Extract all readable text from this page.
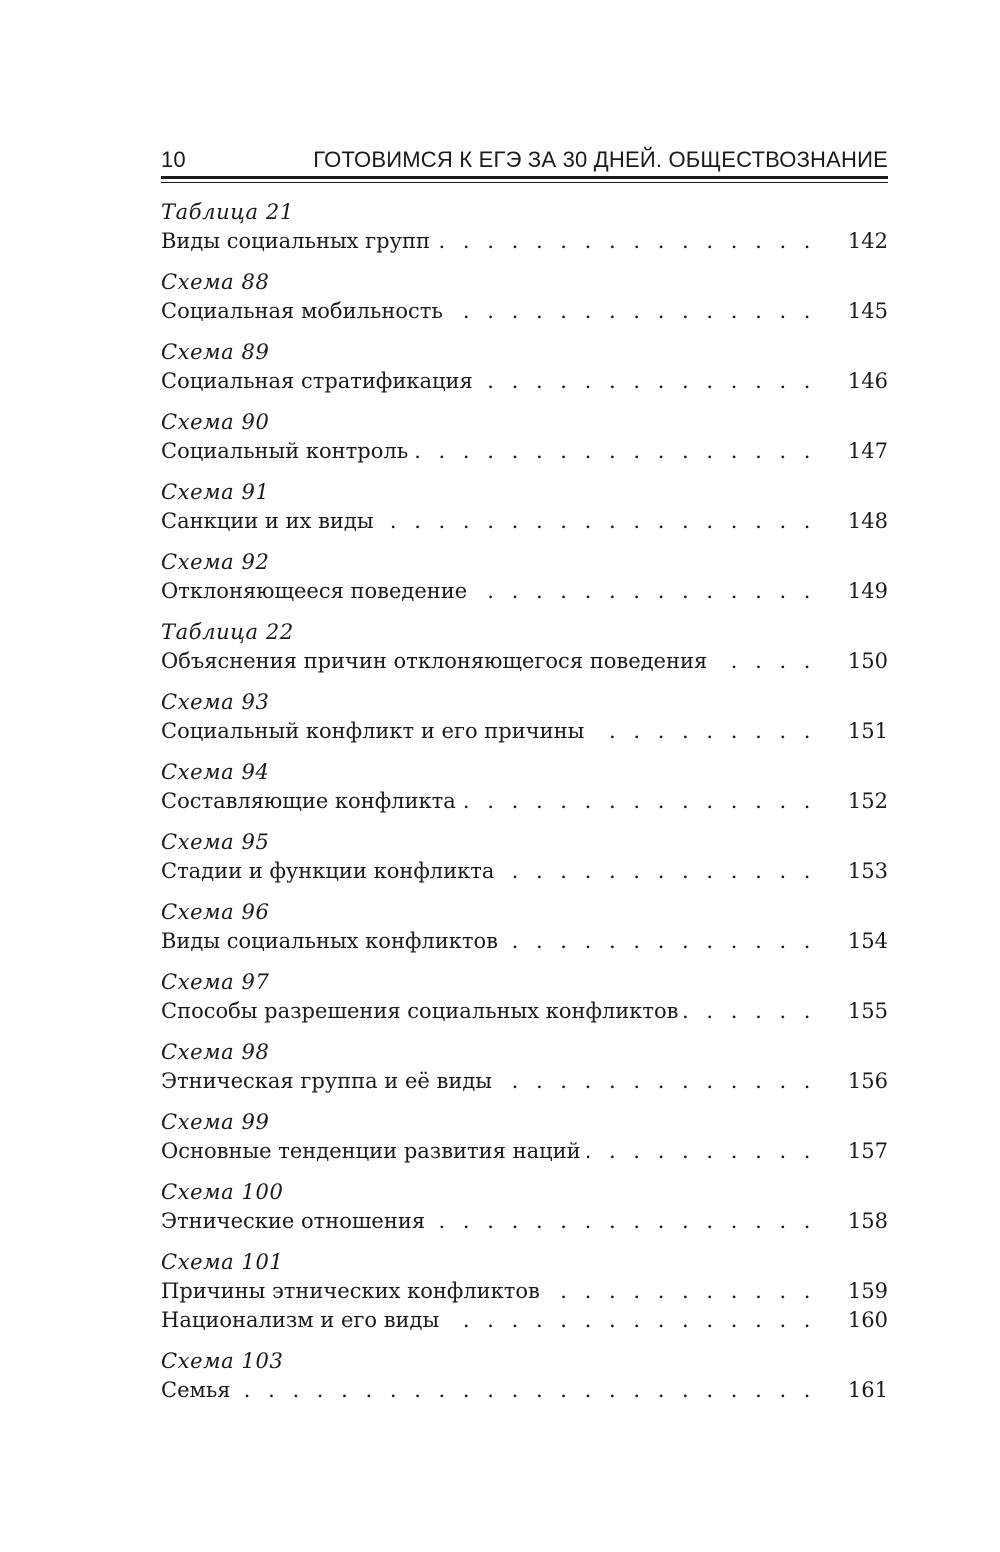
10	ГОТОВИМСЯ К ЕГЭ ЗА 30 ДНЕЙ. ОБЩЕСТВОЗНАНИЕ
Таблица 21
Виды социальных групп . . .	142
Схема 88
Социальная мобильность . . .	145
Схема 89
Социальная стратификация . . .	146
Схема 90
Социальный контроль . . .	147
Схема 91
Санкции и их виды . . .	148
Схема 92
Отклоняющееся поведение . . .	149
Таблица 22
Объяснения причин отклоняющегося поведения . . .	150
Схема 93
Социальный конфликт и его причины . . .	151
Схема 94
Составляющие конфликта . . .	152
Схема 95
Стадии и функции конфликта . . .	153
Схема 96
Виды социальных конфликтов . . .	154
Схема 97
Способы разрешения социальных конфликтов . . .	155
Схема 98
Этническая группа и её виды . . .	156
Схема 99
Основные тенденции развития наций . . .	157
Схема 100
Этнические отношения . . .	158
Схема 101
Причины этнических конфликтов . . .	159
Национализм и его виды . . .	160
Схема 103
Семья . . .	161
